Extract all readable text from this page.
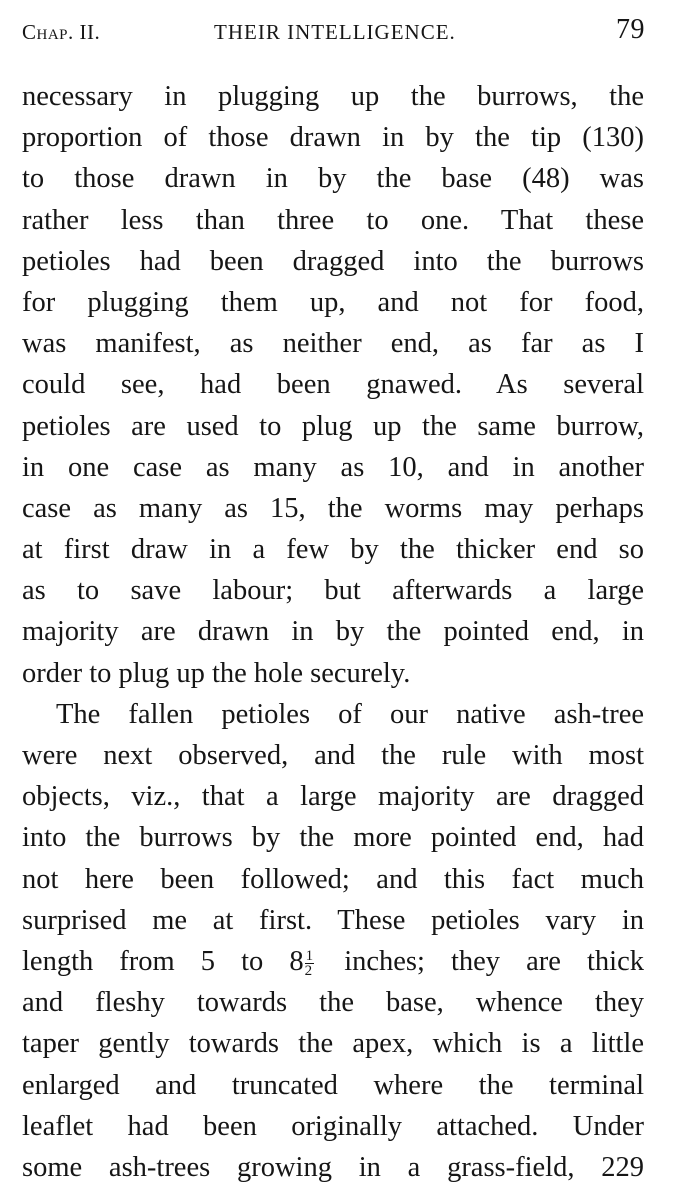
Chap. II.	THEIR INTELLIGENCE.	79
necessary in plugging up the burrows, the
proportion of those drawn in by the tip (130)
to those drawn in by the base (48) was
rather less than three to one. That these
petioles had been dragged into the burrows
for plugging them up, and not for food,
was manifest, as neither end, as far as I
could see, had been gnawed. As several
petioles are used to plug up the same burrow,
in one case as many as 10, and in another
case as many as 15, the worms may perhaps
at first draw in a few by the thicker end so
as to save labour; but afterwards a large
majority are drawn in by the pointed end, in
order to plug up the hole securely.
The fallen petioles of our native ash-tree
were next observed, and the rule with most
objects, viz., that a large majority are dragged
into the burrows by the more pointed end, had
not here been followed; and this fact much
surprised me at first. These petioles vary in
length from 5 to $8 \frac{1}{2}$ inches; they are thick
and fleshy towards the base, whence they
taper gently towards the apex, which is a little
enlarged and truncated where the terminal
leaflet had been originally attached. Under
some ash-trees growing in a grass-field, 229
